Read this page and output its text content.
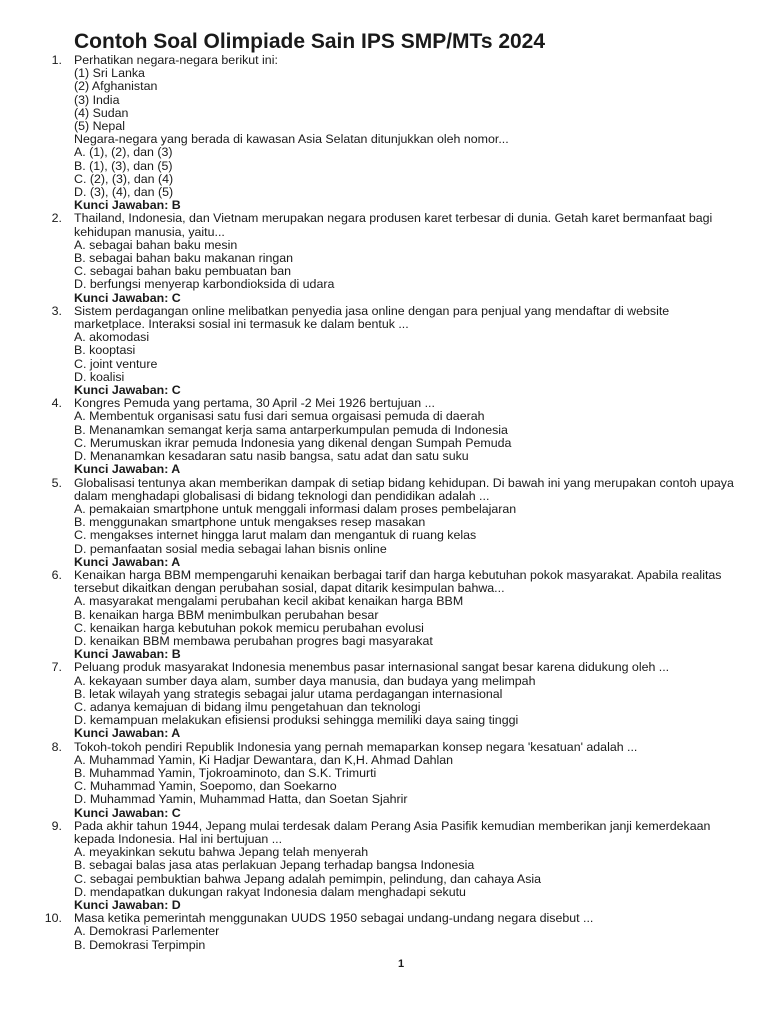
Contoh Soal Olimpiade Sain IPS SMP/MTs 2024
1. Perhatikan negara-negara berikut ini:
(1) Sri Lanka
(2) Afghanistan
(3) India
(4) Sudan
(5) Nepal
Negara-negara yang berada di kawasan Asia Selatan ditunjukkan oleh nomor...
A. (1), (2), dan (3)
B. (1), (3), dan (5)
C. (2), (3), dan (4)
D. (3), (4), dan (5)
Kunci Jawaban: B
2. Thailand, Indonesia, dan Vietnam merupakan negara produsen karet terbesar di dunia. Getah karet bermanfaat bagi kehidupan manusia, yaitu...
A. sebagai bahan baku mesin
B. sebagai bahan baku makanan ringan
C. sebagai bahan baku pembuatan ban
D. berfungsi menyerap karbondioksida di udara
Kunci Jawaban: C
3. Sistem perdagangan online melibatkan penyedia jasa online dengan para penjual yang mendaftar di website marketplace. Interaksi sosial ini termasuk ke dalam bentuk ...
A. akomodasi
B. kooptasi
C. joint venture
D. koalisi
Kunci Jawaban: C
4. Kongres Pemuda yang pertama, 30 April -2 Mei 1926 bertujuan ...
A. Membentuk organisasi satu fusi dari semua orgaisasi pemuda di daerah
B. Menanamkan semangat kerja sama antarperkumpulan pemuda di Indonesia
C. Merumuskan ikrar pemuda Indonesia yang dikenal dengan Sumpah Pemuda
D. Menanamkan kesadaran satu nasib bangsa, satu adat dan satu suku
Kunci Jawaban: A
5. Globalisasi tentunya akan memberikan dampak di setiap bidang kehidupan. Di bawah ini yang merupakan contoh upaya dalam menghadapi globalisasi di bidang teknologi dan pendidikan adalah ...
A. pemakaian smartphone untuk menggali informasi dalam proses pembelajaran
B. menggunakan smartphone untuk mengakses resep masakan
C. mengakses internet hingga larut malam dan mengantuk di ruang kelas
D. pemanfaatan sosial media sebagai lahan bisnis online
Kunci Jawaban: A
6. Kenaikan harga BBM mempengaruhi kenaikan berbagai tarif dan harga kebutuhan pokok masyarakat. Apabila realitas tersebut dikaitkan dengan perubahan sosial, dapat ditarik kesimpulan bahwa...
A. masyarakat mengalami perubahan kecil akibat kenaikan harga BBM
B. kenaikan harga BBM menimbulkan perubahan besar
C. kenaikan harga kebutuhan pokok memicu perubahan evolusi
D. kenaikan BBM membawa perubahan progres bagi masyarakat
Kunci Jawaban: B
7. Peluang produk masyarakat Indonesia menembus pasar internasional sangat besar karena didukung oleh ...
A. kekayaan sumber daya alam, sumber daya manusia, dan budaya yang melimpah
B. letak wilayah yang strategis sebagai jalur utama perdagangan internasional
C. adanya kemajuan di bidang ilmu pengetahuan dan teknologi
D. kemampuan melakukan efisiensi produksi sehingga memiliki daya saing tinggi
Kunci Jawaban: A
8. Tokoh-tokoh pendiri Republik Indonesia yang pernah memaparkan konsep negara 'kesatuan' adalah ...
A. Muhammad Yamin, Ki Hadjar Dewantara, dan K,H. Ahmad Dahlan
B. Muhammad Yamin, Tjokroaminoto, dan S.K. Trimurti
C. Muhammad Yamin, Soepomo, dan Soekarno
D. Muhammad Yamin, Muhammad Hatta, dan Soetan Sjahrir
Kunci Jawaban: C
9. Pada akhir tahun 1944, Jepang mulai terdesak dalam Perang Asia Pasifik kemudian memberikan janji kemerdekaan kepada Indonesia. Hal ini bertujuan ...
A. meyakinkan sekutu bahwa Jepang telah menyerah
B. sebagai balas jasa atas perlakuan Jepang terhadap bangsa Indonesia
C. sebagai pembuktian bahwa Jepang adalah pemimpin, pelindung, dan cahaya Asia
D. mendapatkan dukungan rakyat Indonesia dalam menghadapi sekutu
Kunci Jawaban: D
10. Masa ketika pemerintah menggunakan UUDS 1950 sebagai undang-undang negara disebut ...
A. Demokrasi Parlementer
B. Demokrasi Terpimpin
1
